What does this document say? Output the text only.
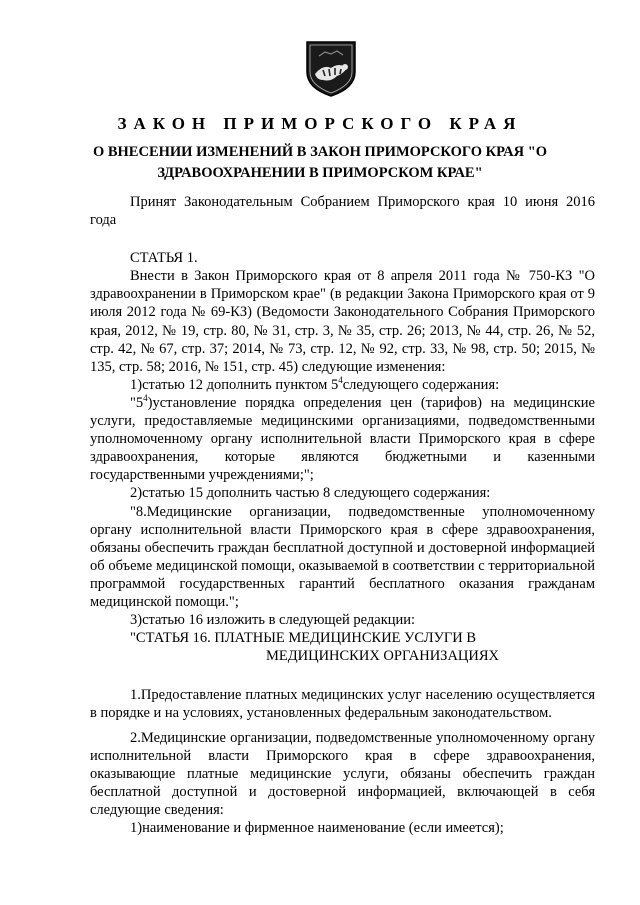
ЗАКОН ПРИМОРСКОГО КРАЯ
О ВНЕСЕНИИ ИЗМЕНЕНИЙ В ЗАКОН ПРИМОРСКОГО КРАЯ "О ЗДРАВООХРАНЕНИИ В ПРИМОРСКОМ КРАЕ"

Принят Законодательным Собранием Приморского края 10 июня 2016 года

СТАТЬЯ 1.

Внести в Закон Приморского края от 8 апреля 2011 года № 750-КЗ "О здравоохранении в Приморском крае" (в редакции Закона Приморского края от 9 июля 2012 года № 69-КЗ) (Ведомости Законодательного Собрания Приморского края, 2012, № 19, стр. 80, № 31, стр. 3, № 35, стр. 26; 2013, № 44, стр. 26, № 52, стр. 42, № 67, стр. 37; 2014, № 73, стр. 12, № 92, стр. 33, № 98, стр. 50; 2015, № 135, стр. 58; 2016, № 151, стр. 45) следующие изменения:

1)статью 12 дополнить пунктом $5^4следующего$ содержания:

"$5^4)установление$ порядка определения цен (тарифов) на медицинские услуги, предоставляемые медицинскими организациями, подведомственными уполномоченному органу исполнительной власти Приморского края в сфере здравоохранения, которые являются бюджетными и казенными государственными учреждениями;";

2)статью 15 дополнить частью 8 следующего содержания:

"8.Медицинские организации, подведомственные уполномоченному органу исполнительной власти Приморского края в сфере здравоохранения, обязаны обеспечить граждан бесплатной доступной и достоверной информацией об объеме медицинской помощи, оказываемой в соответствии с территориальной программой государственных гарантий бесплатного оказания гражданам медицинской помощи.";

3)статью 16 изложить в следующей редакции:

"СТАТЬЯ 16. ПЛАТНЫЕ МЕДИЦИНСКИЕ УСЛУГИ В
МЕДИЦИНСКИХ ОРГАНИЗАЦИЯХ

1.Предоставление платных медицинских услуг населению осуществляется в порядке и на условиях, установленных федеральным законодательством.

2.Медицинские организации, подведомственные уполномоченному органу исполнительной власти Приморского края в сфере здравоохранения, оказывающие платные медицинские услуги, обязаны обеспечить граждан бесплатной доступной и достоверной информацией, включающей в себя следующие сведения:

1)наименование и фирменное наименование (если имеется);
